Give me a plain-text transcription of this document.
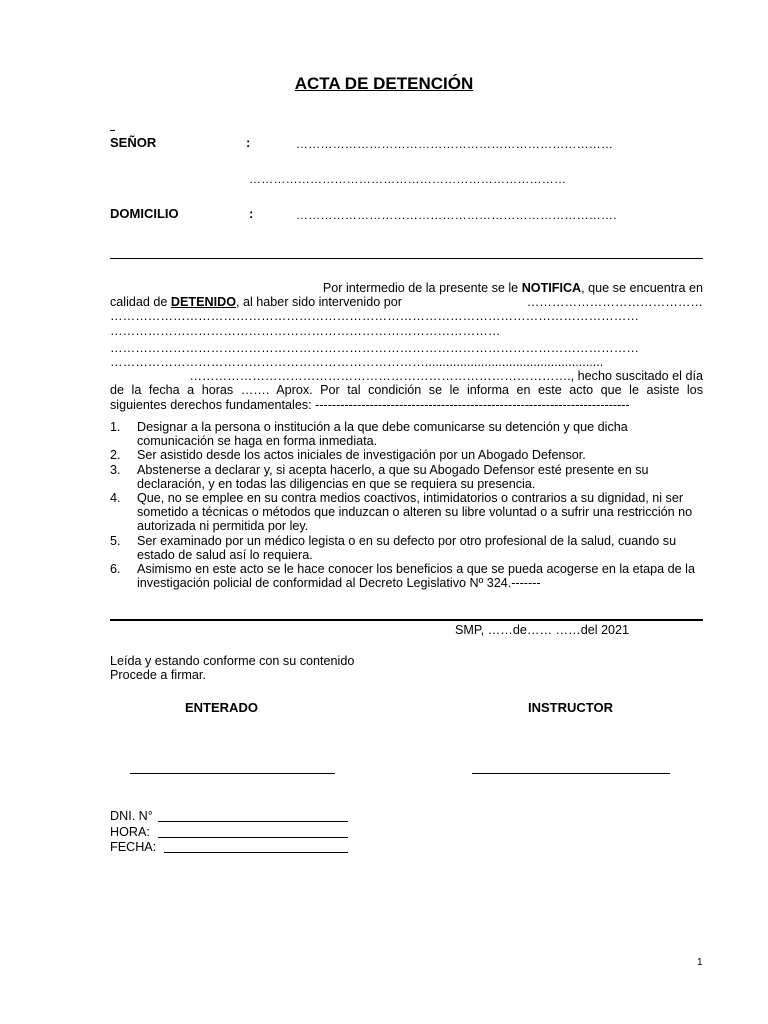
ACTA DE DETENCIÓN
SEÑOR	:	……………………………………………………………………
……………………………………………………………………
DOMICILIO	:	…………………………………………………………………….
Por intermedio de la presente se le NOTIFICA, que se encuentra en
calidad de DETENIDO, al haber sido intervenido por	……………………………………
………………………………………………………………………………………………………………
…………………………………………………………………………………
………………………………………………………………………………………………………………
…………………………………………………………………...................................................
………………………………………………………………………………., hecho suscitado el día
de la fecha a horas ……. Aprox. Por tal condición se le informa en este acto que le asiste los
siguientes derechos fundamentales: ---------------------------------------------------------------------------
1. Designar a la persona o institución a la que debe comunicarse su detención y que dicha comunicación se haga en forma inmediata.
2. Ser asistido desde los actos iniciales de investigación por un Abogado Defensor.
3. Abstenerse a declarar y, si acepta hacerlo, a que su Abogado Defensor esté presente en su declaración, y en todas las diligencias en que se requiera su presencia.
4. Que, no se emplee en su contra medios coactivos, intimidatorios o contrarios a su dignidad, ni ser sometido a técnicas o métodos que induzcan o alteren su libre voluntad o a sufrir una restricción no autorizada ni permitida por ley.
5. Ser examinado por un médico legista o en su defecto por otro profesional de la salud, cuando su estado de salud así lo requiera.
6. Asimismo en este acto se le hace conocer los beneficios a que se pueda acogerse en la etapa de la investigación policial de conformidad al Decreto Legislativo Nº 324.-------
SMP, ……de…… ……del 2021
Leída y estando conforme con su contenido
Procede a firmar.
ENTERADO	INSTRUCTOR
DNI. N°
HORA:
FECHA:
1
